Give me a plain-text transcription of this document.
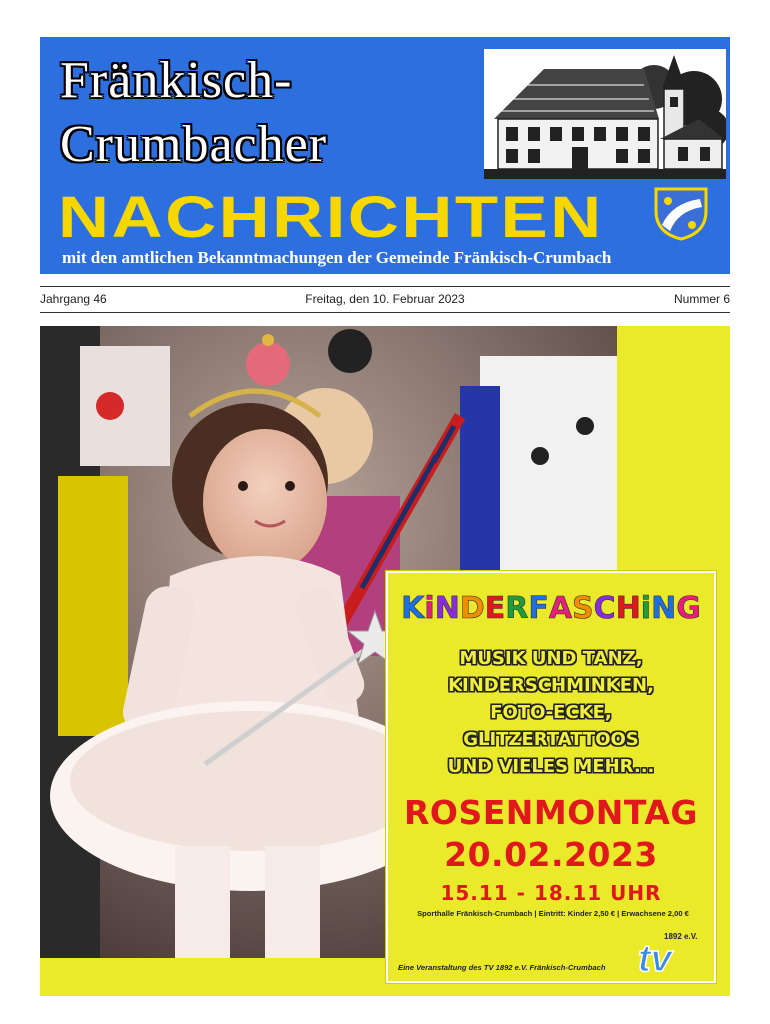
Fränkisch-
Crumbacher
NACHRICHTEN
mit den amtlichen Bekanntmachungen der Gemeinde Fränkisch-Crumbach
Jahrgang 46	Freitag, den 10. Februar 2023	Nummer 6
KiNDERFASCHiNG
MUSIK UND TANZ,
KINDERSCHMINKEN,
FOTO-ECKE,
GLITZERTATTOOS
UND VIELES MEHR...
ROSENMONTAG
20.02.2023
15.11 - 18.11 UHR
Sporthalle Fränkisch-Crumbach | Eintritt: Kinder 2,50 € | Erwachsene 2,00 €
1892 e.V.
tv
Eine Veranstaltung des TV 1892 e.V. Fränkisch-Crumbach
